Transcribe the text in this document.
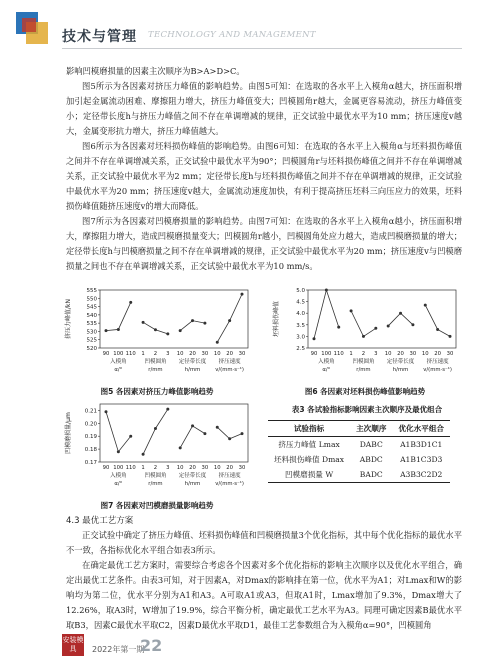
技术与管理 TECHNOLOGY AND MANAGEMENT

影响凹模磨损量的因素主次顺序为B>A>D>C。

图5所示为各因素对挤压力峰值的影响趋势。由图5可知：在选取的各水平上入模角α越大，挤压面积增加引起金属流动困难、摩擦阻力增大，挤压力峰值变大；凹模圆角r越大，金属更容易流动，挤压力峰值变小；定径带长度h与挤压力峰值之间不存在单调增减的规律，正交试验中最优水平为10 mm；挤压速度v越大，金属变形抗力增大，挤压力峰值越大。

图6所示为各因素对坯料损伤峰值的影响趋势。由图6可知：在选取的各水平上入模角α与坯料损伤峰值之间并不存在单调增减关系，正交试验中最优水平为90°；凹模圆角r与坯料损伤峰值之间并不存在单调增减关系，正交试验中最优水平为2 mm；定径带长度h与坯料损伤峰值之间并不存在单调增减的规律，正交试验中最优水平为20 mm；挤压速度v越大，金属流动速度加快，有利于提高挤压坯料三向压应力的效果，坯料损伤峰值随挤压速度v的增大而降低。

图7所示为各因素对凹模磨损量的影响趋势。由图7可知：在选取的各水平上入模角α越小，挤压面积增大，摩擦阻力增大，造成凹模磨损量变大；凹模圆角r越小，凹模圆角处应力越大，造成凹模磨损量的增大；定径带长度h与凹模磨损量之间不存在单调增减的规律，正交试验中最优水平为20 mm；挤压速度v与凹模磨损量之间也不存在单调增减关系，正交试验中最优水平为10 mm/s。

520
525
530
535
540
545
550
555
挤压力峰值/kN
90 100 110 1 2 3 10 20 30 10 20 30
入模角
α/°
凹模圆角
r/mm
定径带长度
h/mm
挤压速度
v/(mm·s⁻¹)
图5 各因素对挤压力峰值影响趋势
2.5
3.0
3.5
4.0
4.5
5.0
坯料损伤峰值
90 100 110 1 2 3 10 20 30 10 20 30
入模角
α/°
凹模圆角
r/mm
定径带长度
h/mm
挤压速度
v/(mm·s⁻¹)
图6 各因素对坯料损伤峰值影响趋势
0.17
0.18
0.19
0.20
0.21
凹模磨损量/μm
90 100 110 1 2 3 10 20 30 10 20 30
入模角
α/°
凹模圆角
r/mm
定径带长度
h/mm
挤压速度
v/(mm·s⁻¹)
图7 各因素对凹模磨损量影响趋势
表3 各试验指标影响因素主次顺序及最优组合
试验指标	主次顺序	优化水平组合
挤压力峰值 Lmax	DABC	A1B3D1C1
坯料损伤峰值 Dmax	ABDC	A1B1C3D3
凹模磨损量 W	BADC	A3B3C2D2
4.3 最优工艺方案

正交试验中确定了挤压力峰值、坯料损伤峰值和凹模磨损量3个优化指标，其中每个优化指标的最优水平不一致，各指标优化水平组合如表3所示。

在确定最优工艺方案时，需要综合考虑各个因素对多个优化指标的影响主次顺序以及优化水平组合，确定出最优工艺条件。由表3可知，对于因素A，对Dmax的影响排在第一位，优水平为A1；对Lmax和W的影响均为第二位，优水平分别为A1和A3。A可取A1或A3，但取A1时，Lmax增加了9.3%，Dmax增大了12.26%，取A3时，W增加了19.9%，综合平衡分析，确定最优工艺水平为A3。同理可确定因素B最优水平取B3，因素C最优水平取C2，因素D最优水平取D1，最佳工艺参数组合为入模角α=90°，凹模圆角

安装模具	2022年第一期
22
